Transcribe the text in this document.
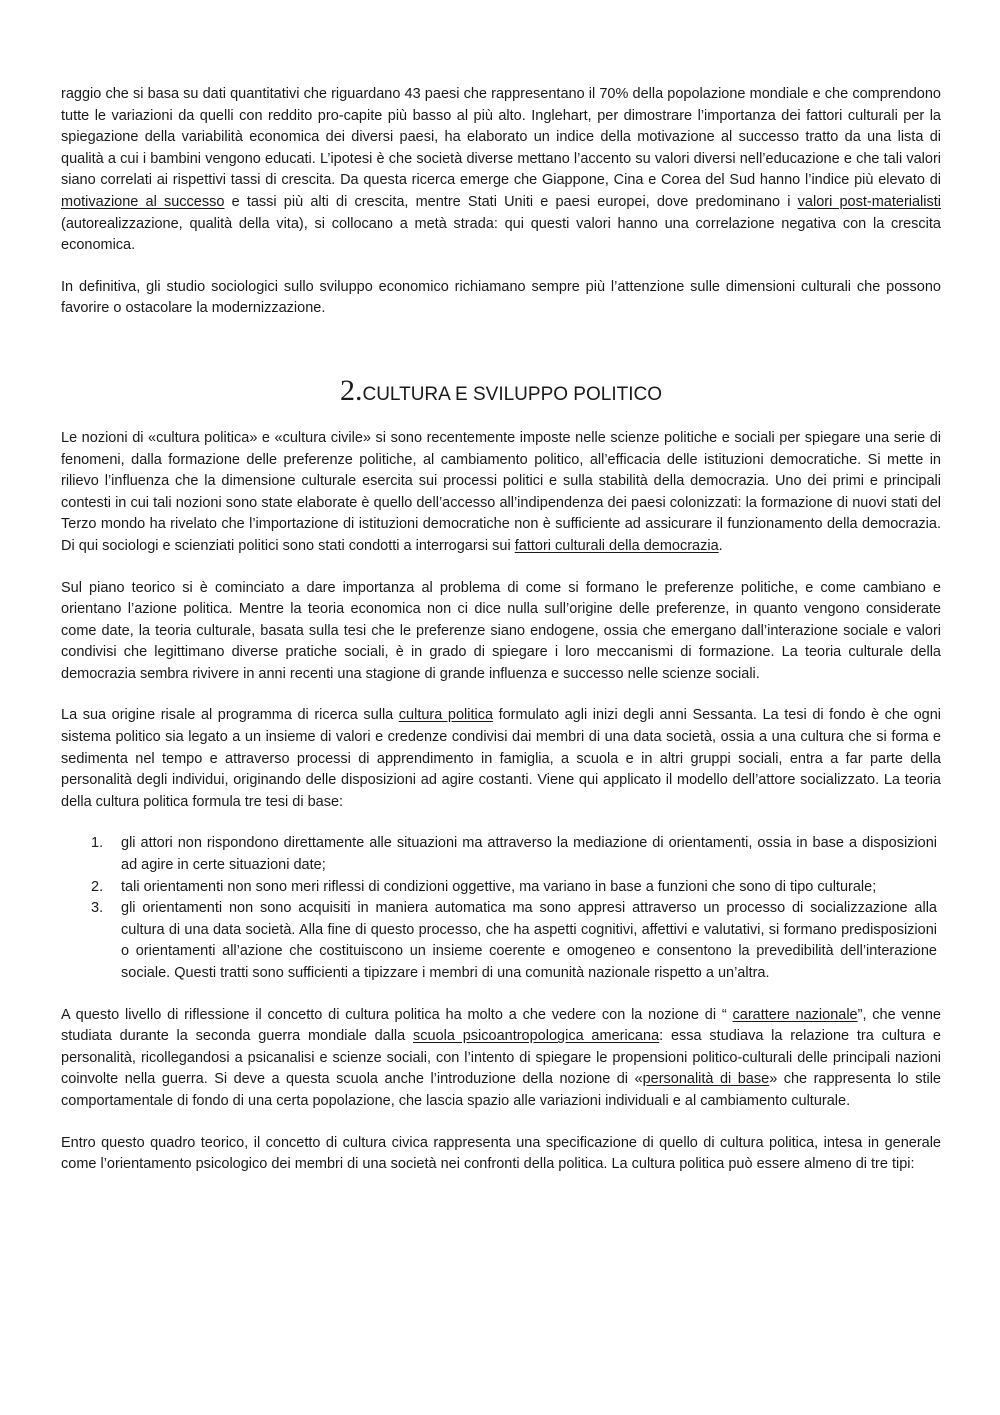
raggio che si basa su dati quantitativi che riguardano 43 paesi che rappresentano il 70% della popolazione mondiale e che comprendono tutte le variazioni da quelli con reddito pro-capite più basso al più alto. Inglehart, per dimostrare l’importanza dei fattori culturali per la spiegazione della variabilità economica dei diversi paesi, ha elaborato un indice della motivazione al successo tratto da una lista di qualità a cui i bambini vengono educati. L’ipotesi è che società diverse mettano l’accento su valori diversi nell’educazione e che tali valori siano correlati ai rispettivi tassi di crescita. Da questa ricerca emerge che Giappone, Cina e Corea del Sud hanno l’indice più elevato di motivazione al successo e tassi più alti di crescita, mentre Stati Uniti e paesi europei, dove predominano i valori post-materialisti (autorealizzazione, qualità della vita), si collocano a metà strada: qui questi valori hanno una correlazione negativa con la crescita economica.

In definitiva, gli studio sociologici sullo sviluppo economico richiamano sempre più l’attenzione sulle dimensioni culturali che possono favorire o ostacolare la modernizzazione.

2.CULTURA E SVILUPPO POLITICO

Le nozioni di «cultura politica» e «cultura civile» si sono recentemente imposte nelle scienze politiche e sociali per spiegare una serie di fenomeni, dalla formazione delle preferenze politiche, al cambiamento politico, all’efficacia delle istituzioni democratiche. Si mette in rilievo l’influenza che la dimensione culturale esercita sui processi politici e sulla stabilità della democrazia. Uno dei primi e principali contesti in cui tali nozioni sono state elaborate è quello dell’accesso all’indipendenza dei paesi colonizzati: la formazione di nuovi stati del Terzo mondo ha rivelato che l’importazione di istituzioni democratiche non è sufficiente ad assicurare il funzionamento della democrazia. Di qui sociologi e scienziati politici sono stati condotti a interrogarsi sui fattori culturali della democrazia.

Sul piano teorico si è cominciato a dare importanza al problema di come si formano le preferenze politiche, e come cambiano e orientano l’azione politica. Mentre la teoria economica non ci dice nulla sull’origine delle preferenze, in quanto vengono considerate come date, la teoria culturale, basata sulla tesi che le preferenze siano endogene, ossia che emergano dall’interazione sociale e valori condivisi che legittimano diverse pratiche sociali, è in grado di spiegare i loro meccanismi di formazione. La teoria culturale della democrazia sembra rivivere in anni recenti una stagione di grande influenza e successo nelle scienze sociali.

La sua origine risale al programma di ricerca sulla cultura politica formulato agli inizi degli anni Sessanta. La tesi di fondo è che ogni sistema politico sia legato a un insieme di valori e credenze condivisi dai membri di una data società, ossia a una cultura che si forma e sedimenta nel tempo e attraverso processi di apprendimento in famiglia, a scuola e in altri gruppi sociali, entra a far parte della personalità degli individui, originando delle disposizioni ad agire costanti. Viene qui applicato il modello dell’attore socializzato. La teoria della cultura politica formula tre tesi di base:

1. gli attori non rispondono direttamente alle situazioni ma attraverso la mediazione di orientamenti, ossia in base a disposizioni ad agire in certe situazioni date;
2. tali orientamenti non sono meri riflessi di condizioni oggettive, ma variano in base a funzioni che sono di tipo culturale;
3. gli orientamenti non sono acquisiti in maniera automatica ma sono appresi attraverso un processo di socializzazione alla cultura di una data società. Alla fine di questo processo, che ha aspetti cognitivi, affettivi e valutativi, si formano predisposizioni o orientamenti all’azione che costituiscono un insieme coerente e omogeneo e consentono la prevedibilità dell’interazione sociale. Questi tratti sono sufficienti a tipizzare i membri di una comunità nazionale rispetto a un’altra.

A questo livello di riflessione il concetto di cultura politica ha molto a che vedere con la nozione di “ carattere nazionale”, che venne studiata durante la seconda guerra mondiale dalla scuola psicoantropologica americana: essa studiava la relazione tra cultura e personalità, ricollegandosi a psicanalisi e scienze sociali, con l’intento di spiegare le propensioni politico-culturali delle principali nazioni coinvolte nella guerra. Si deve a questa scuola anche l’introduzione della nozione di «personalità di base» che rappresenta lo stile comportamentale di fondo di una certa popolazione, che lascia spazio alle variazioni individuali e al cambiamento culturale.

Entro questo quadro teorico, il concetto di cultura civica rappresenta una specificazione di quello di cultura politica, intesa in generale come l’orientamento psicologico dei membri di una società nei confronti della politica. La cultura politica può essere almeno di tre tipi:
